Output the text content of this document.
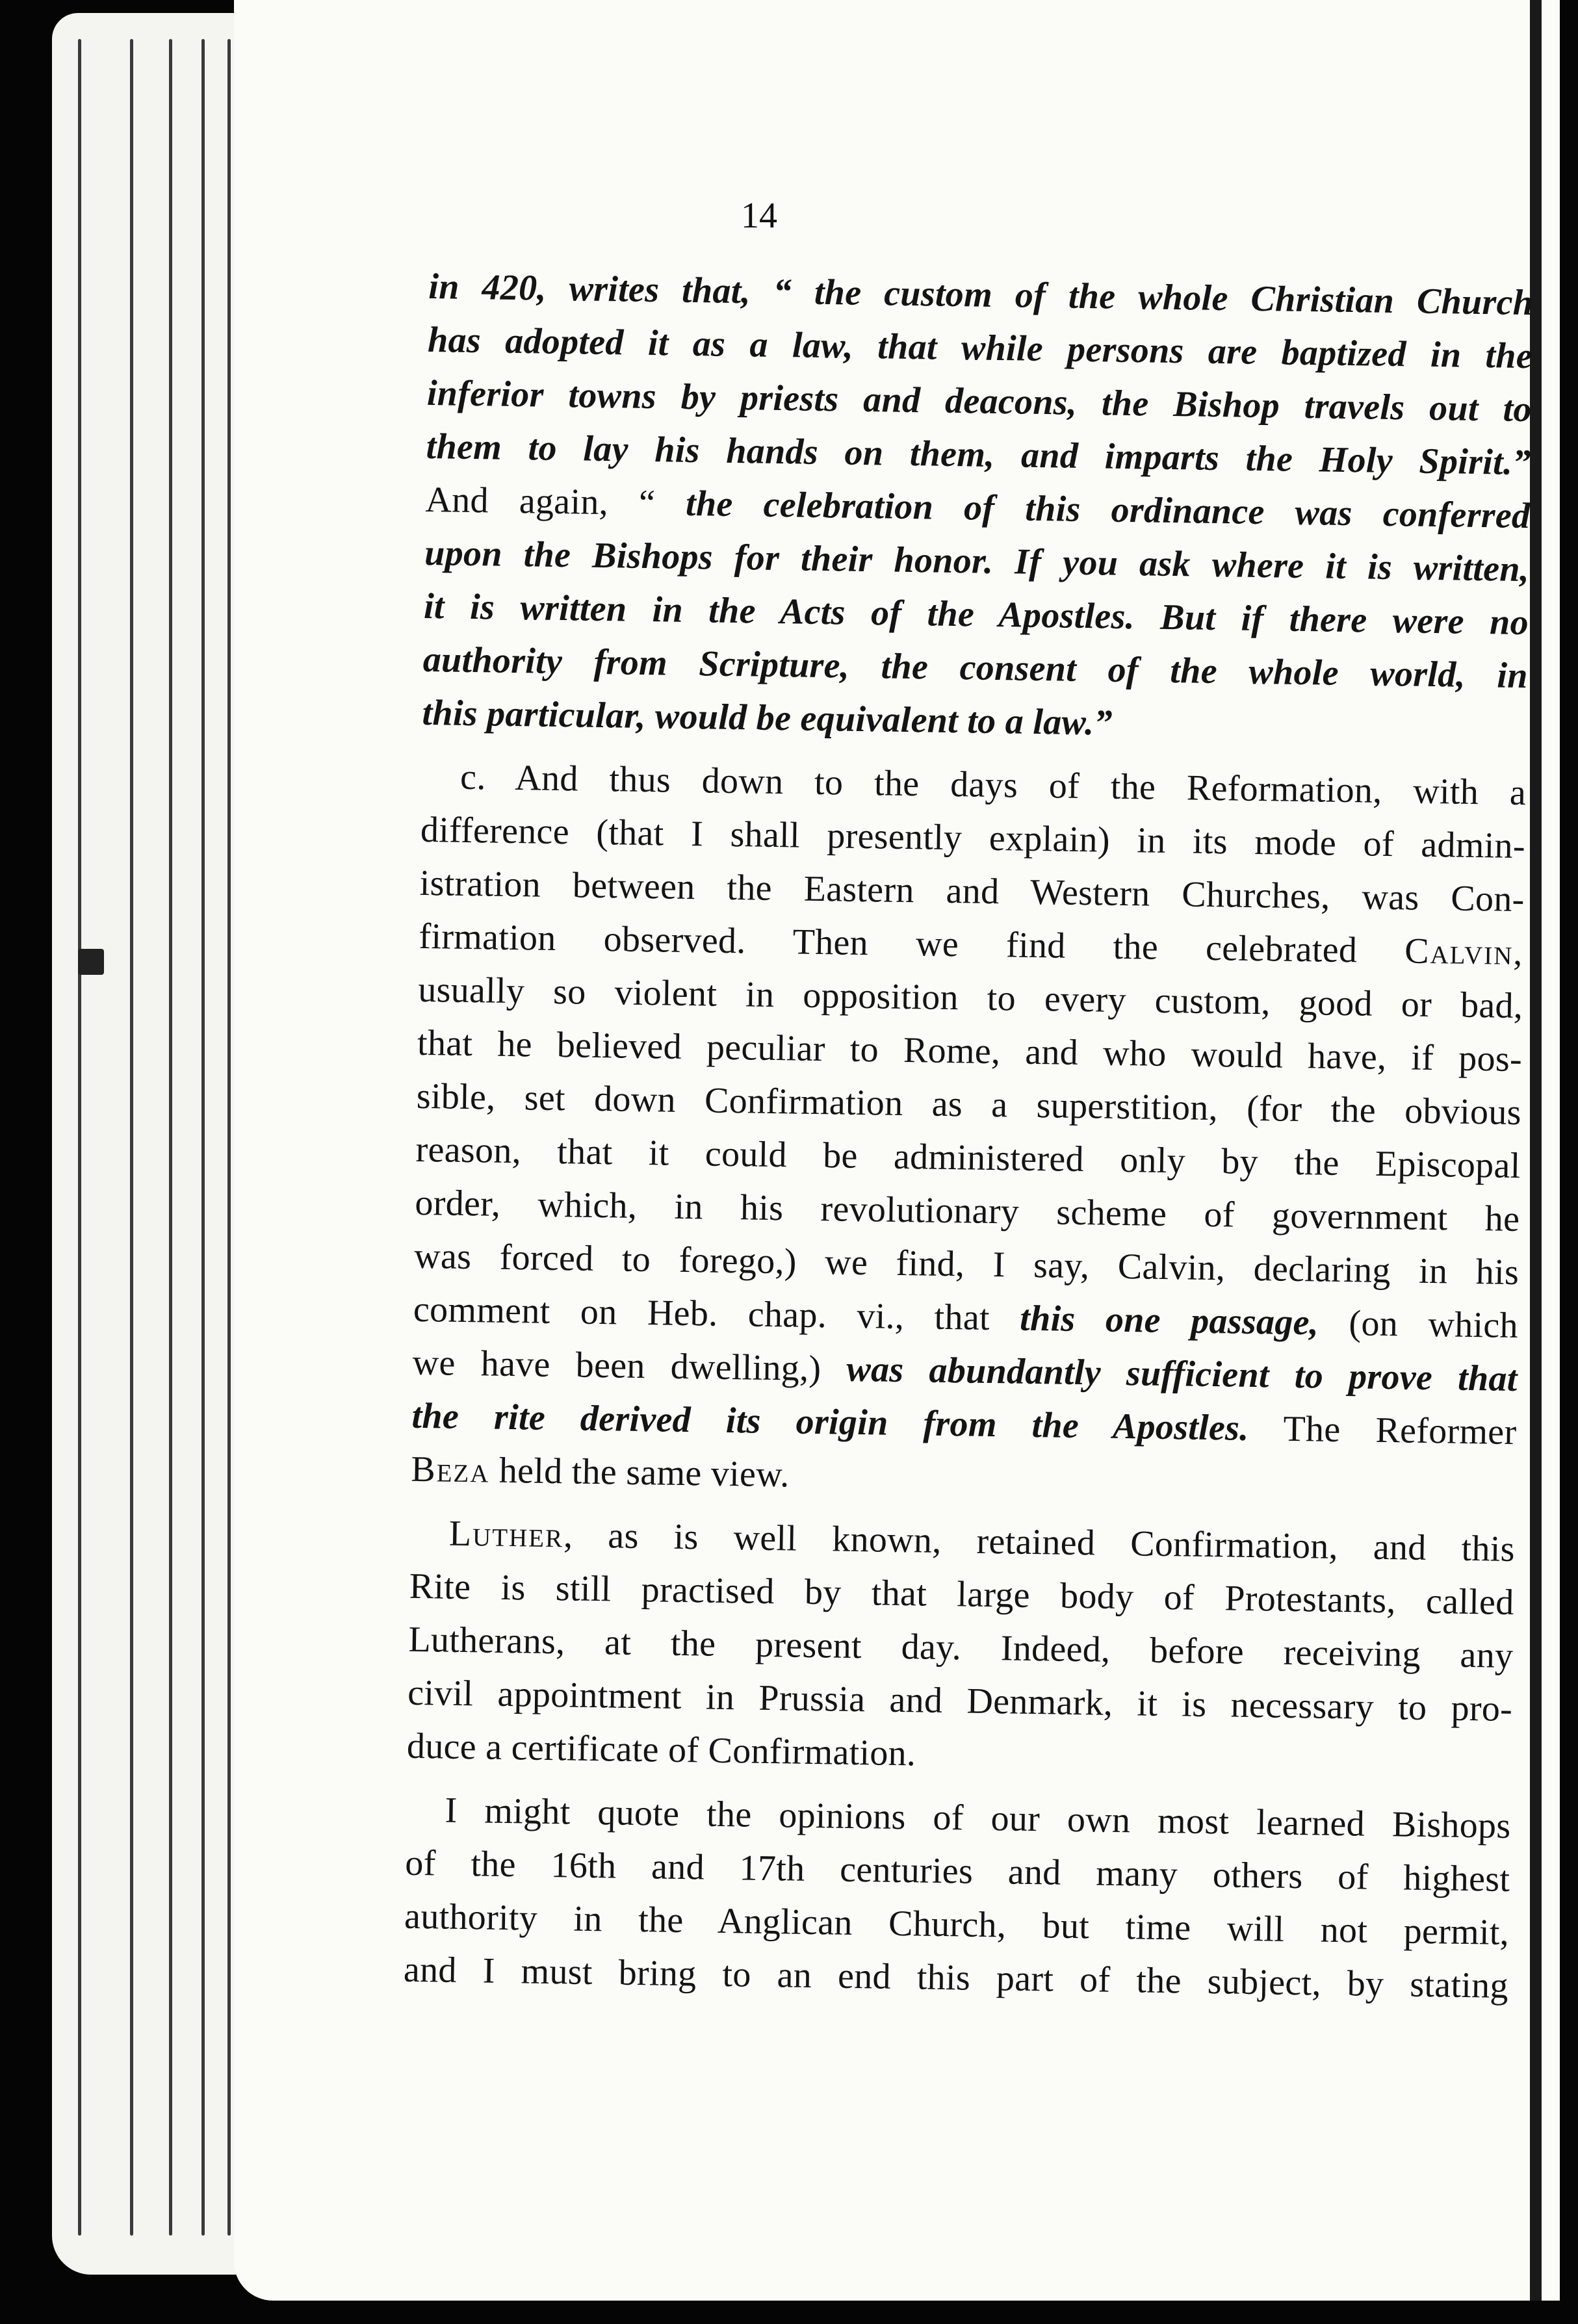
14
in 420, writes that, “ the custom of the whole Christian Church
has adopted it as a law, that while persons are baptized in the
inferior towns by priests and deacons, the Bishop travels out to
them to lay his hands on them, and imparts the Holy Spirit.”
And again, “ the celebration of this ordinance was conferred
upon the Bishops for their honor. If you ask where it is written,
it is written in the Acts of the Apostles. But if there were no
authority from Scripture, the consent of the whole world, in
this particular, would be equivalent to a law.”
c. And thus down to the days of the Reformation, with a
difference (that I shall presently explain) in its mode of admin-
istration between the Eastern and Western Churches, was Con-
firmation observed. Then we find the celebrated Calvin,
usually so violent in opposition to every custom, good or bad,
that he believed peculiar to Rome, and who would have, if pos-
sible, set down Confirmation as a superstition, (for the obvious
reason, that it could be administered only by the Episcopal
order, which, in his revolutionary scheme of government he
was forced to forego,) we find, I say, Calvin, declaring in his
comment on Heb. chap. vi., that this one passage, (on which
we have been dwelling,) was abundantly sufficient to prove that
the rite derived its origin from the Apostles. The Reformer
Beza held the same view.
Luther, as is well known, retained Confirmation, and this
Rite is still practised by that large body of Protestants, called
Lutherans, at the present day. Indeed, before receiving any
civil appointment in Prussia and Denmark, it is necessary to pro-
duce a certificate of Confirmation.
I might quote the opinions of our own most learned Bishops
of the 16th and 17th centuries and many others of highest
authority in the Anglican Church, but time will not permit,
and I must bring to an end this part of the subject, by stating
